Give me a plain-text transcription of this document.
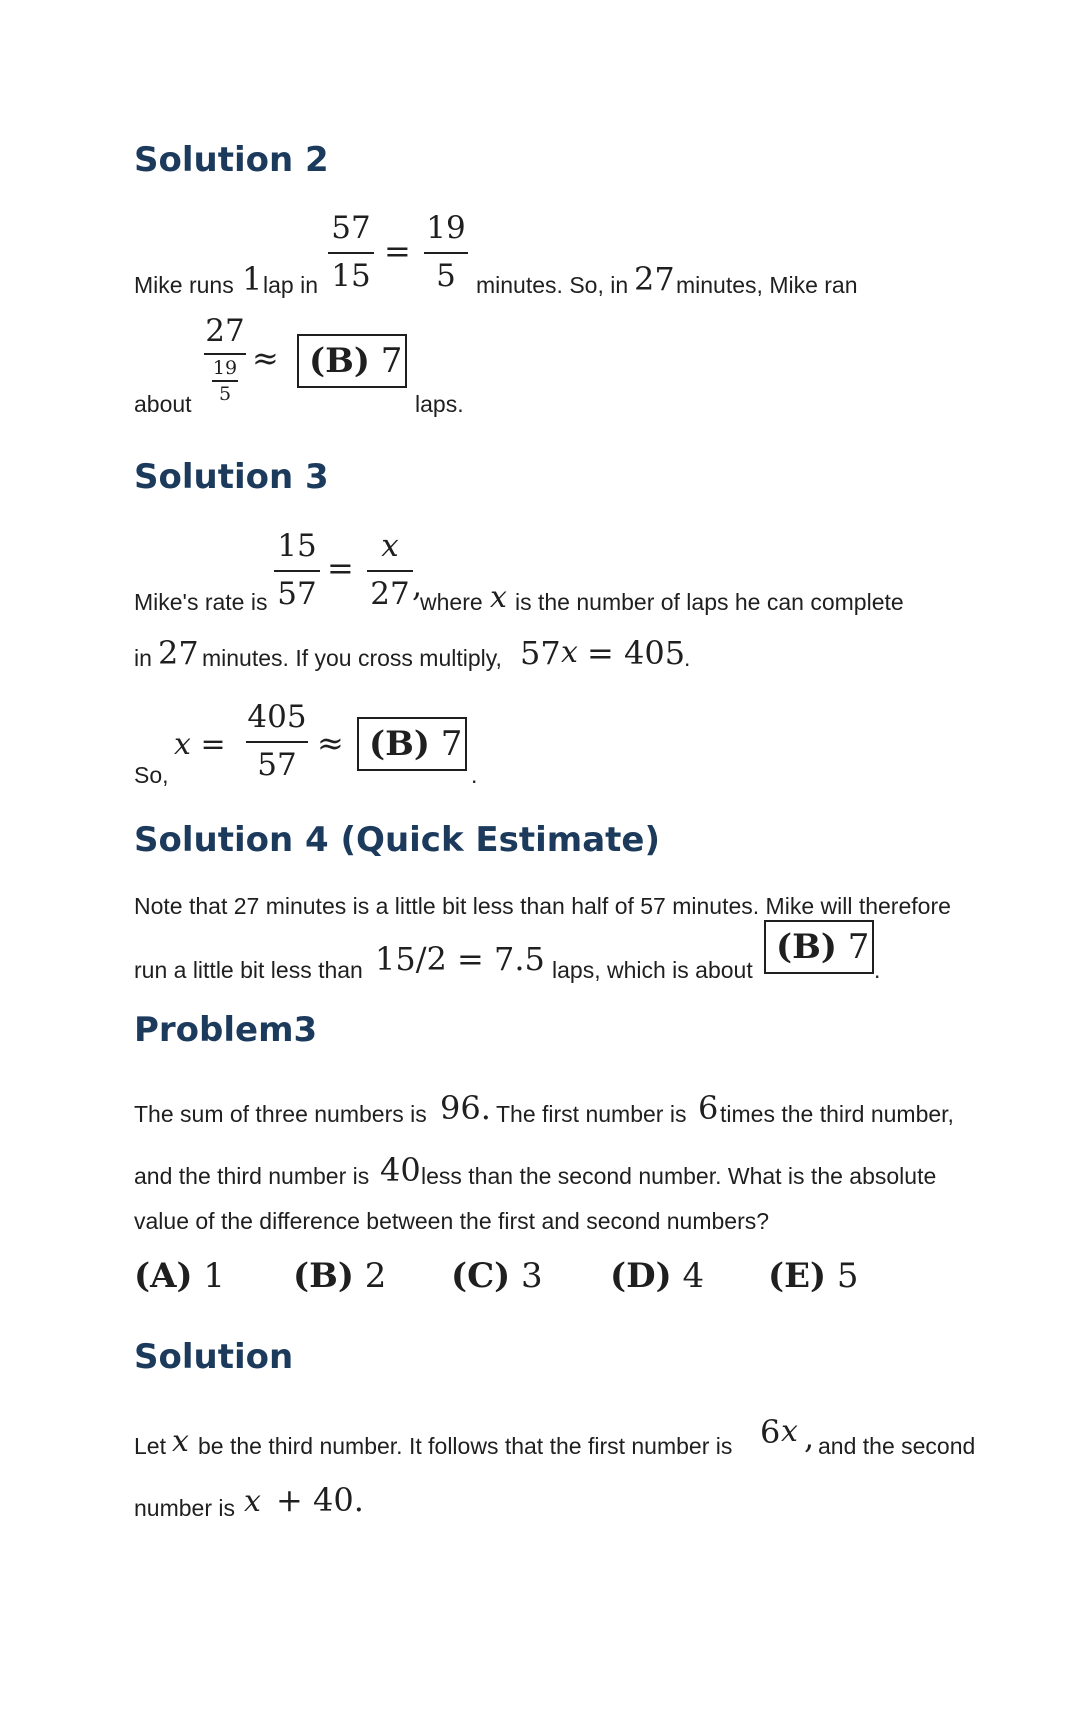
Solution 2
Mike runs 1 lap in
57
15
=
19
5 minutes. So, in 27 minutes, Mike ran
about
27
19
5
≈ (B) 7
laps.
Solution 3
Mike's rate is
15
57
=
x
27 ,
where x is the number of laps he can complete
in 27 minutes. If you cross multiply, 57 x = 405
.
So,
x =
405
57
≈ (B) 7
.
Solution 4 (Quick Estimate)
Note that 27 minutes is a little bit less than half of 57 minutes. Mike will therefore
run a little bit less than 15/2 = 7.5 laps, which is about
(B) 7
.
Problem3
The sum of three numbers is 96. The first number is 6 times the third number,
and the third number is 40 less than the second number. What is the absolute
value of the difference between the first and second numbers?
(A) 1 (B) 2 (C) 3 (D) 4 (E) 5
Solution
Let x be the third number. It follows that the first number is 6 x , and the second
number is x + 40.
